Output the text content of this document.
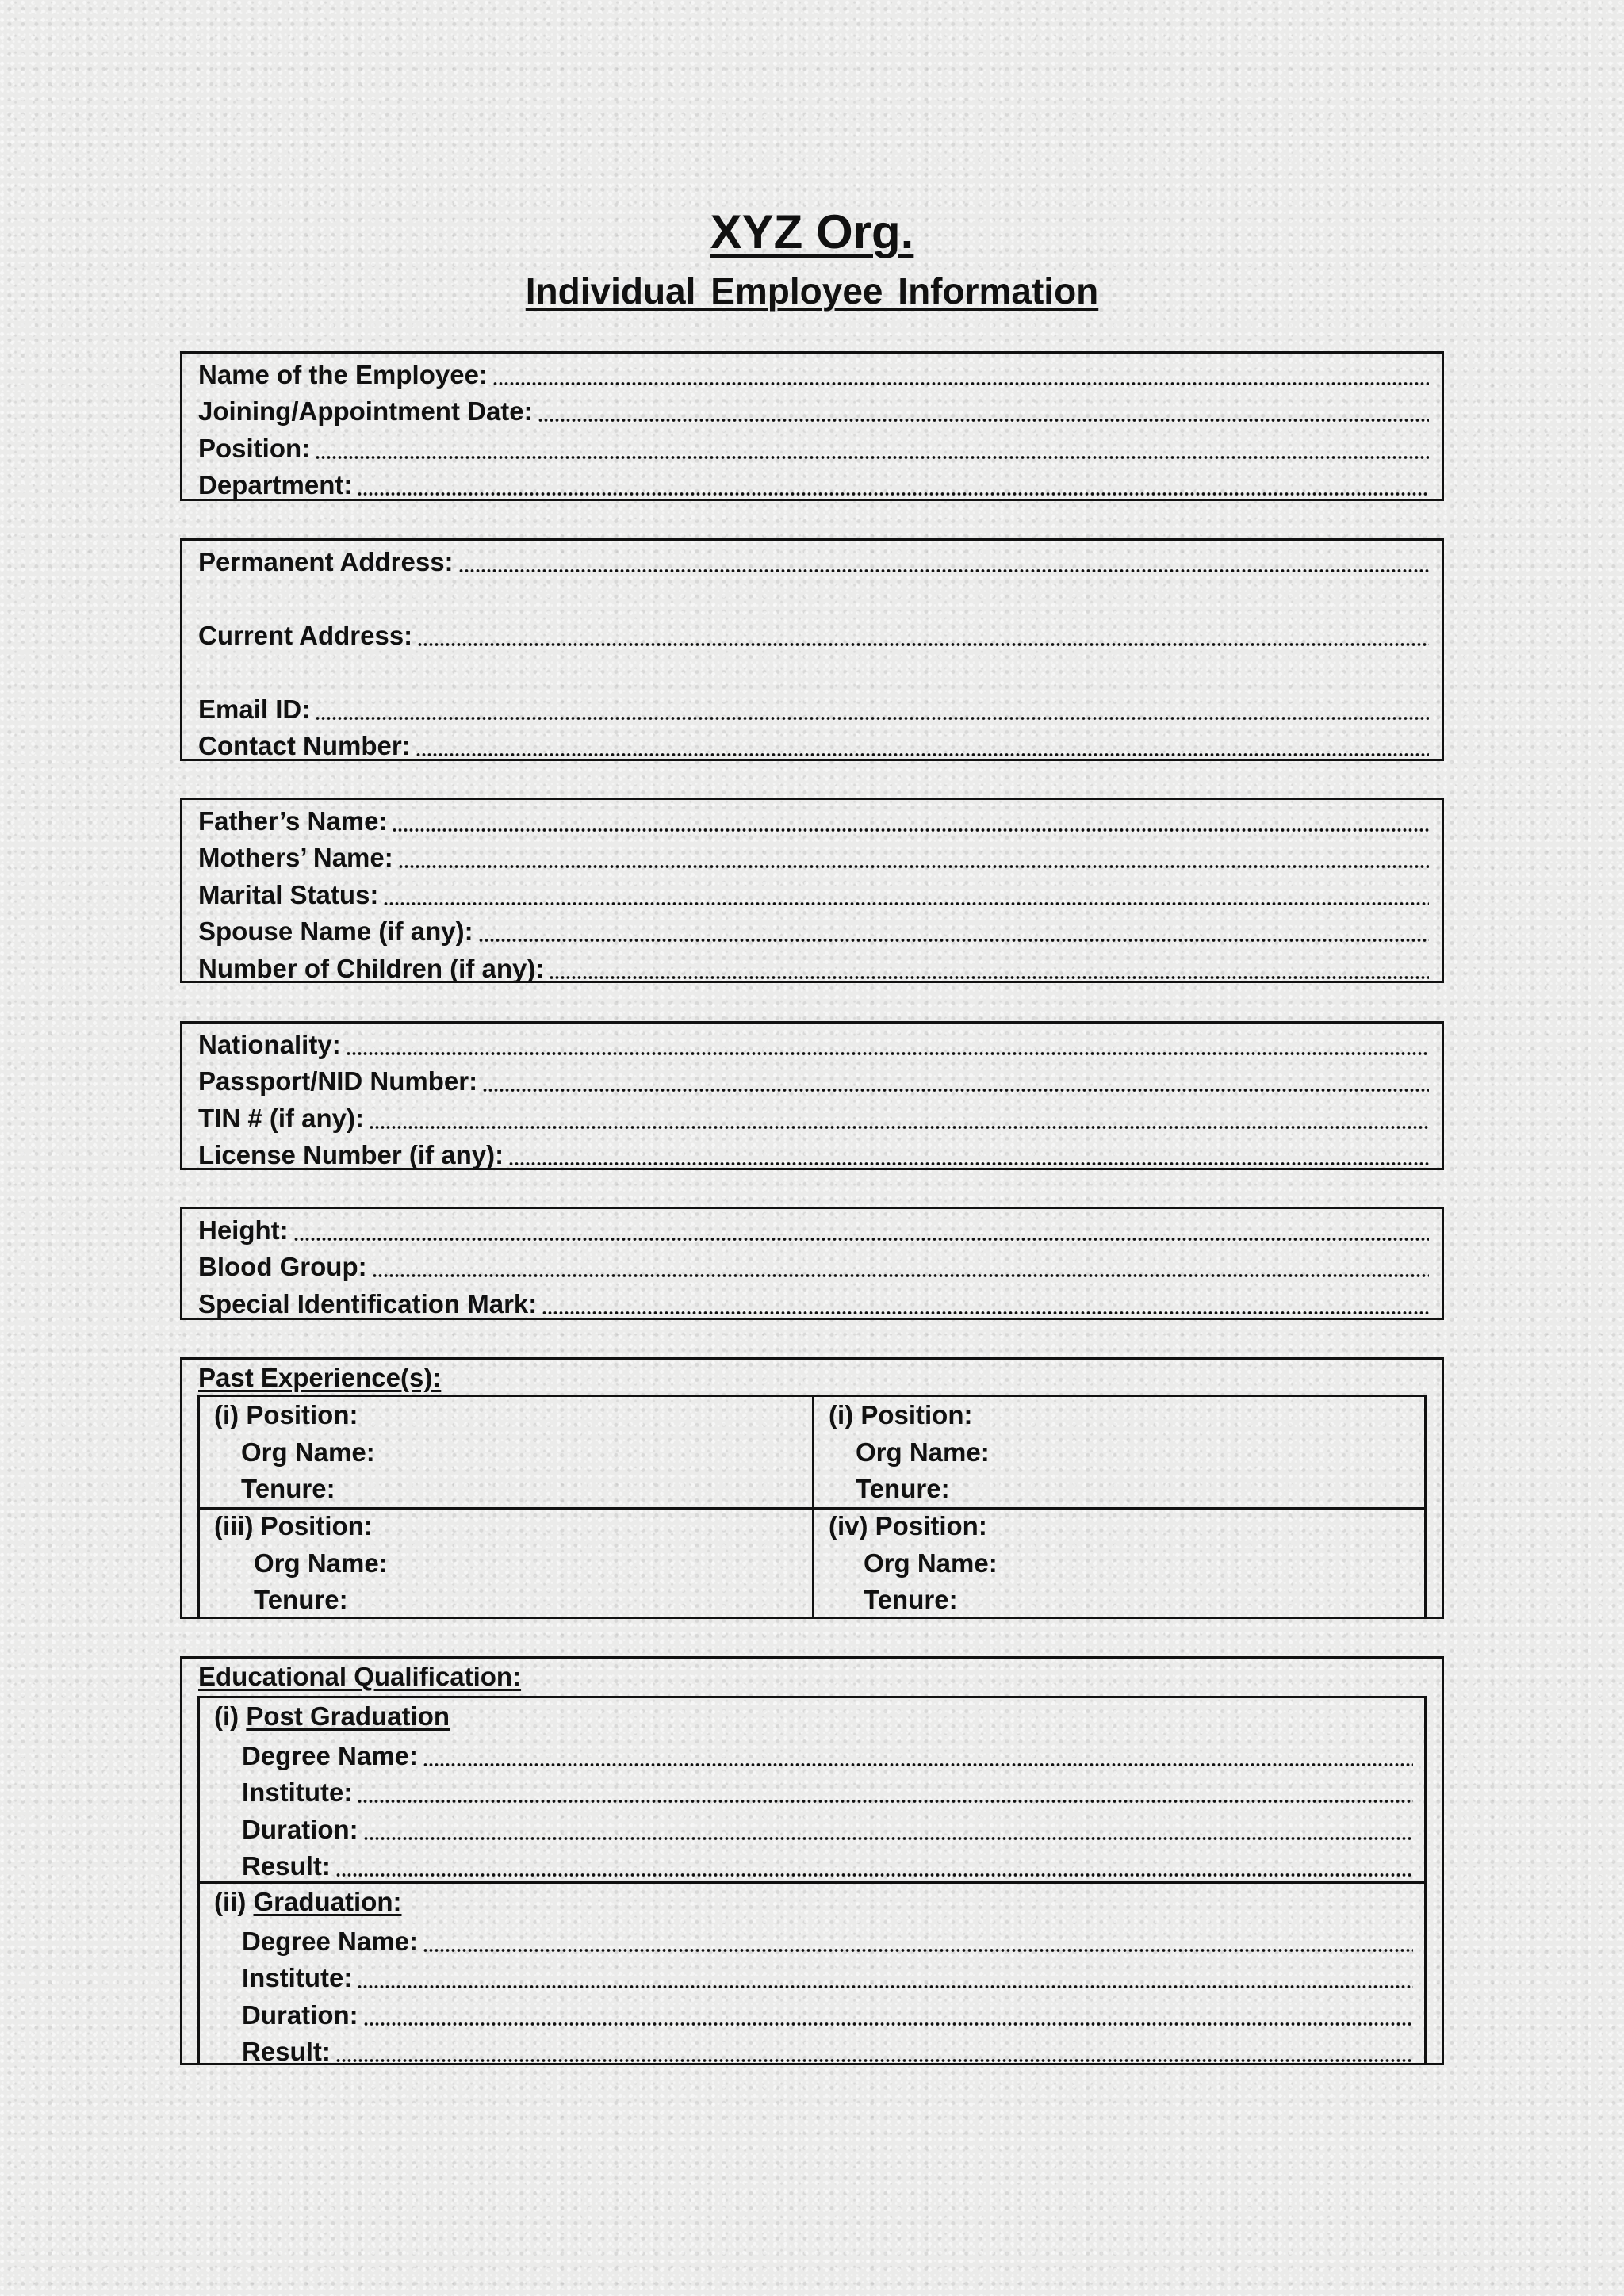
XYZ Org.
Individual Employee Information
Name of the Employee:
Joining/Appointment Date:
Position:
Department:
Permanent Address:
Current Address:
Email ID:
Contact Number:
Father’s Name:
Mothers’ Name:
Marital Status:
Spouse Name (if any):
Number of Children (if any):
Nationality:
Passport/NID Number:
TIN # (if any):
License Number (if any):
Height:
Blood Group:
Special Identification Mark:
Past Experience(s):
(i) Position:
Org Name:
Tenure:
(i) Position:
Org Name:
Tenure:
(iii) Position:
Org Name:
Tenure:
(iv) Position:
Org Name:
Tenure:
Educational Qualification:
(i) Post Graduation
Degree Name:
Institute:
Duration:
Result:
(ii) Graduation:
Degree Name:
Institute:
Duration:
Result:
